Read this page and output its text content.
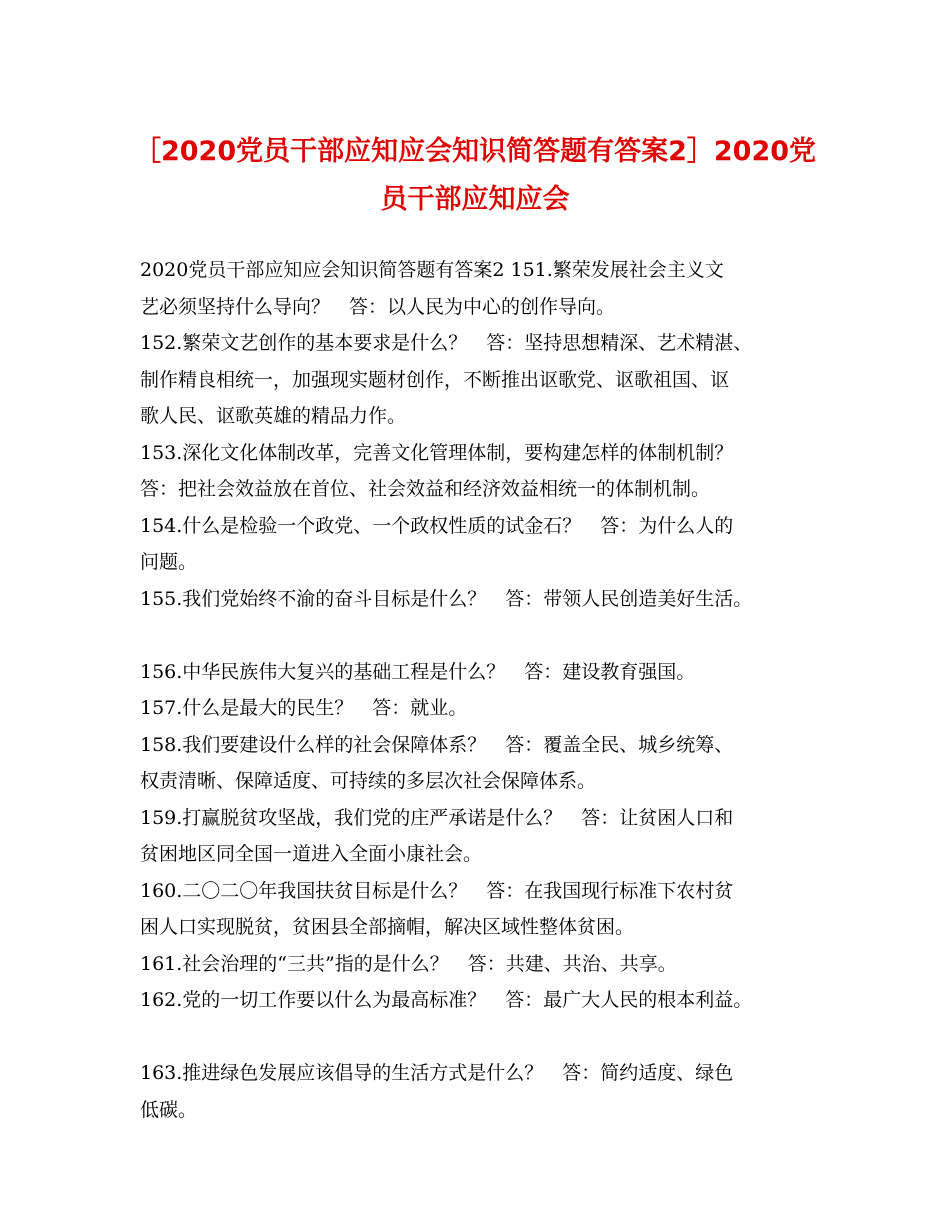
［2020党员干部应知应会知识简答题有答案2］2020党
员干部应知应会
2020党员干部应知应会知识简答题有答案2 151.繁荣发展社会主义文
艺必须坚持什么导向？　答：以人民为中心的创作导向。
152.繁荣文艺创作的基本要求是什么？　答：坚持思想精深、艺术精湛、
制作精良相统一，加强现实题材创作，不断推出讴歌党、讴歌祖国、讴
歌人民、讴歌英雄的精品力作。
153.深化文化体制改革，完善文化管理体制，要构建怎样的体制机制？
答：把社会效益放在首位、社会效益和经济效益相统一的体制机制。
154.什么是检验一个政党、一个政权性质的试金石？　答：为什么人的
问题。
155.我们党始终不渝的奋斗目标是什么？　答：带领人民创造美好生活。
156.中华民族伟大复兴的基础工程是什么？　答：建设教育强国。
157.什么是最大的民生？　答：就业。
158.我们要建设什么样的社会保障体系？　答：覆盖全民、城乡统筹、
权责清晰、保障适度、可持续的多层次社会保障体系。
159.打赢脱贫攻坚战，我们党的庄严承诺是什么？　答：让贫困人口和
贫困地区同全国一道进入全面小康社会。
160.二〇二〇年我国扶贫目标是什么？　答：在我国现行标准下农村贫
困人口实现脱贫，贫困县全部摘帽，解决区域性整体贫困。
161.社会治理的“三共”指的是什么？　答：共建、共治、共享。
162.党的一切工作要以什么为最高标准？　答：最广大人民的根本利益。
163.推进绿色发展应该倡导的生活方式是什么？　答：简约适度、绿色
低碳。
